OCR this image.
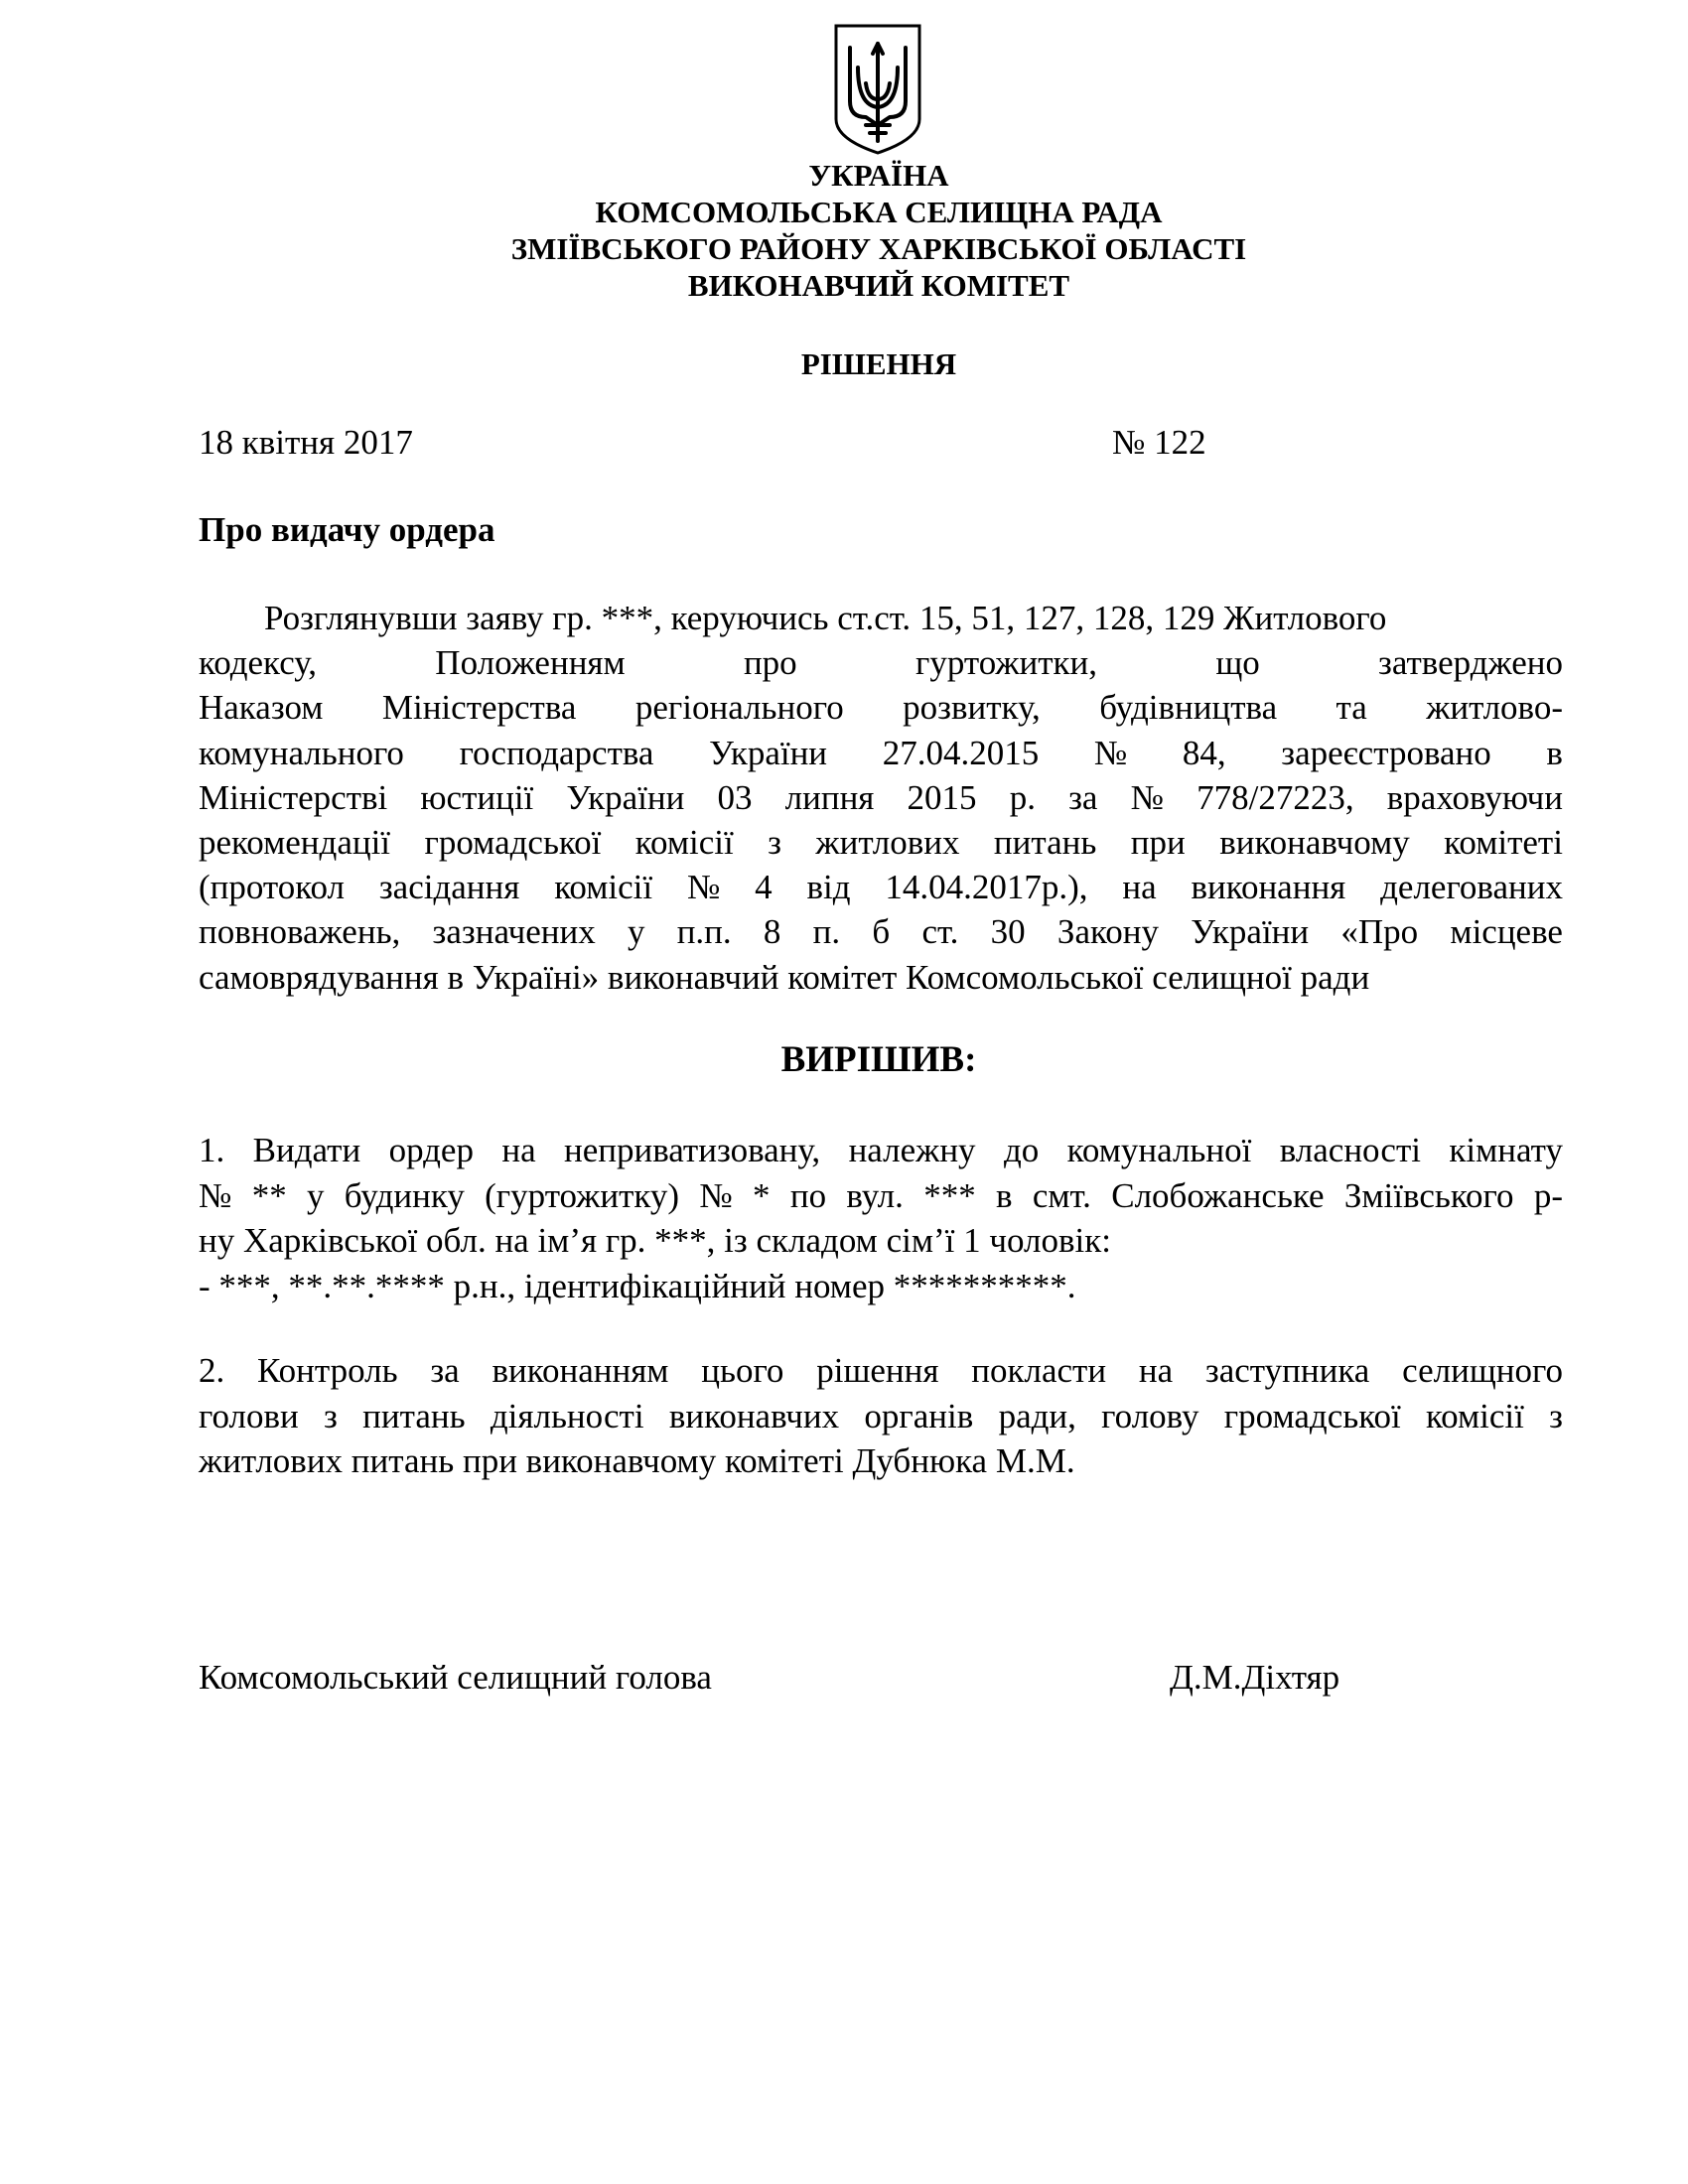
УКРАЇНА
КОМСОМОЛЬСЬКА СЕЛИЩНА РАДА
ЗМІЇВСЬКОГО РАЙОНУ ХАРКІВСЬКОЇ ОБЛАСТІ
ВИКОНАВЧИЙ КОМІТЕТ
РІШЕННЯ
18 квітня 2017	№ 122
Про видачу ордера
Розглянувши заяву гр. ***, керуючись ст.ст. 15, 51, 127, 128, 129 Житлового
кодексу,	Положенням	про	гуртожитки,	що	затверджено
Наказом Міністерства регіонального розвитку, будівництва та житлово-
комунального господарства України 27.04.2015 № 84, зареєстровано в
Міністерстві юстиції України 03 липня 2015 р. за № 778/27223, враховуючи
рекомендації громадської комісії з житлових питань при виконавчому комітеті
(протокол засідання комісії № 4 від 14.04.2017р.), на виконання делегованих
повноважень, зазначених у п.п. 8 п. б ст. 30 Закону України «Про місцеве
самоврядування в Україні» виконавчий комітет Комсомольської селищної ради
ВИРІШИВ:
1. Видати ордер на неприватизовану, належну до комунальної власності кімнату
№ ** у будинку (гуртожитку) № * по вул. *** в смт. Слобожанське Зміївського р-
ну Харківської обл. на ім’я гр. ***, із складом сім’ї 1 чоловік:
- ***, **.**.**** р.н., ідентифікаційний номер **********.
2. Контроль за виконанням цього рішення покласти на заступника селищного
голови з питань діяльності виконавчих органів ради, голову громадської комісії з
житлових питань при виконавчому комітеті Дубнюка М.М.
Комсомольський селищний голова	Д.М.Діхтяр
